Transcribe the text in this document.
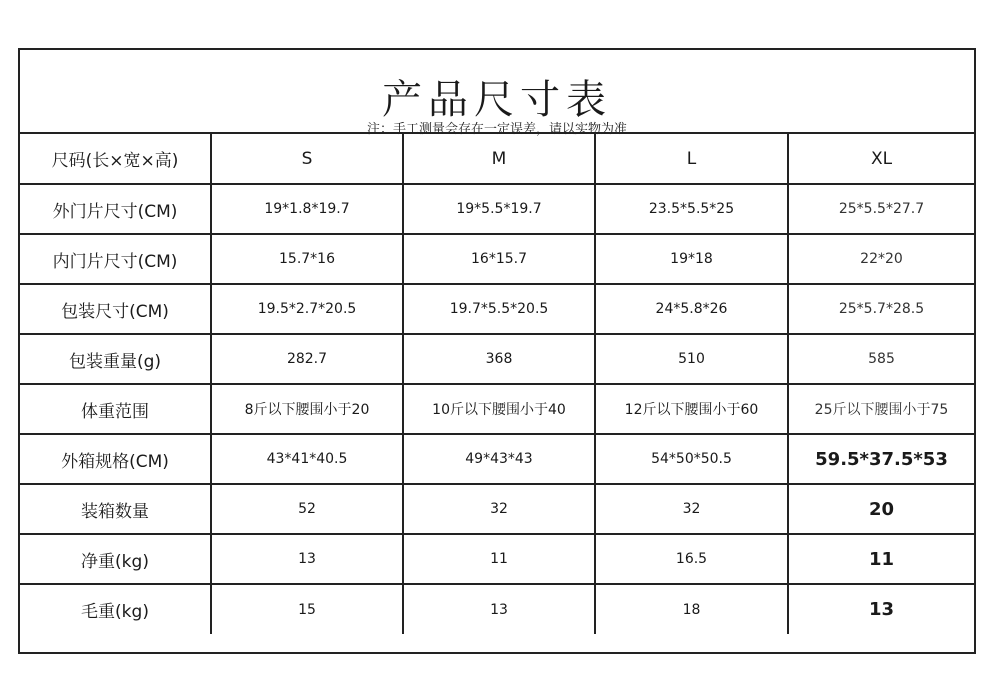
产品尺寸表
注：手工测量会存在一定误差，请以实物为准
尺码(长×宽×高)	S	M	L	XL
外门片尺寸(CM)	19*1.8*19.7	19*5.5*19.7	23.5*5.5*25	25*5.5*27.7
内门片尺寸(CM)	15.7*16	16*15.7	19*18	22*20
包装尺寸(CM)	19.5*2.7*20.5	19.7*5.5*20.5	24*5.8*26	25*5.7*28.5
包装重量(g)	282.7	368	510	585
体重范围	8斤以下腰围小于20	10斤以下腰围小于40	12斤以下腰围小于60	25斤以下腰围小于75
外箱规格(CM)	43*41*40.5	49*43*43	54*50*50.5	59.5*37.5*53
装箱数量	52	32	32	20
净重(kg)	13	11	16.5	11
毛重(kg)	15	13	18	13
